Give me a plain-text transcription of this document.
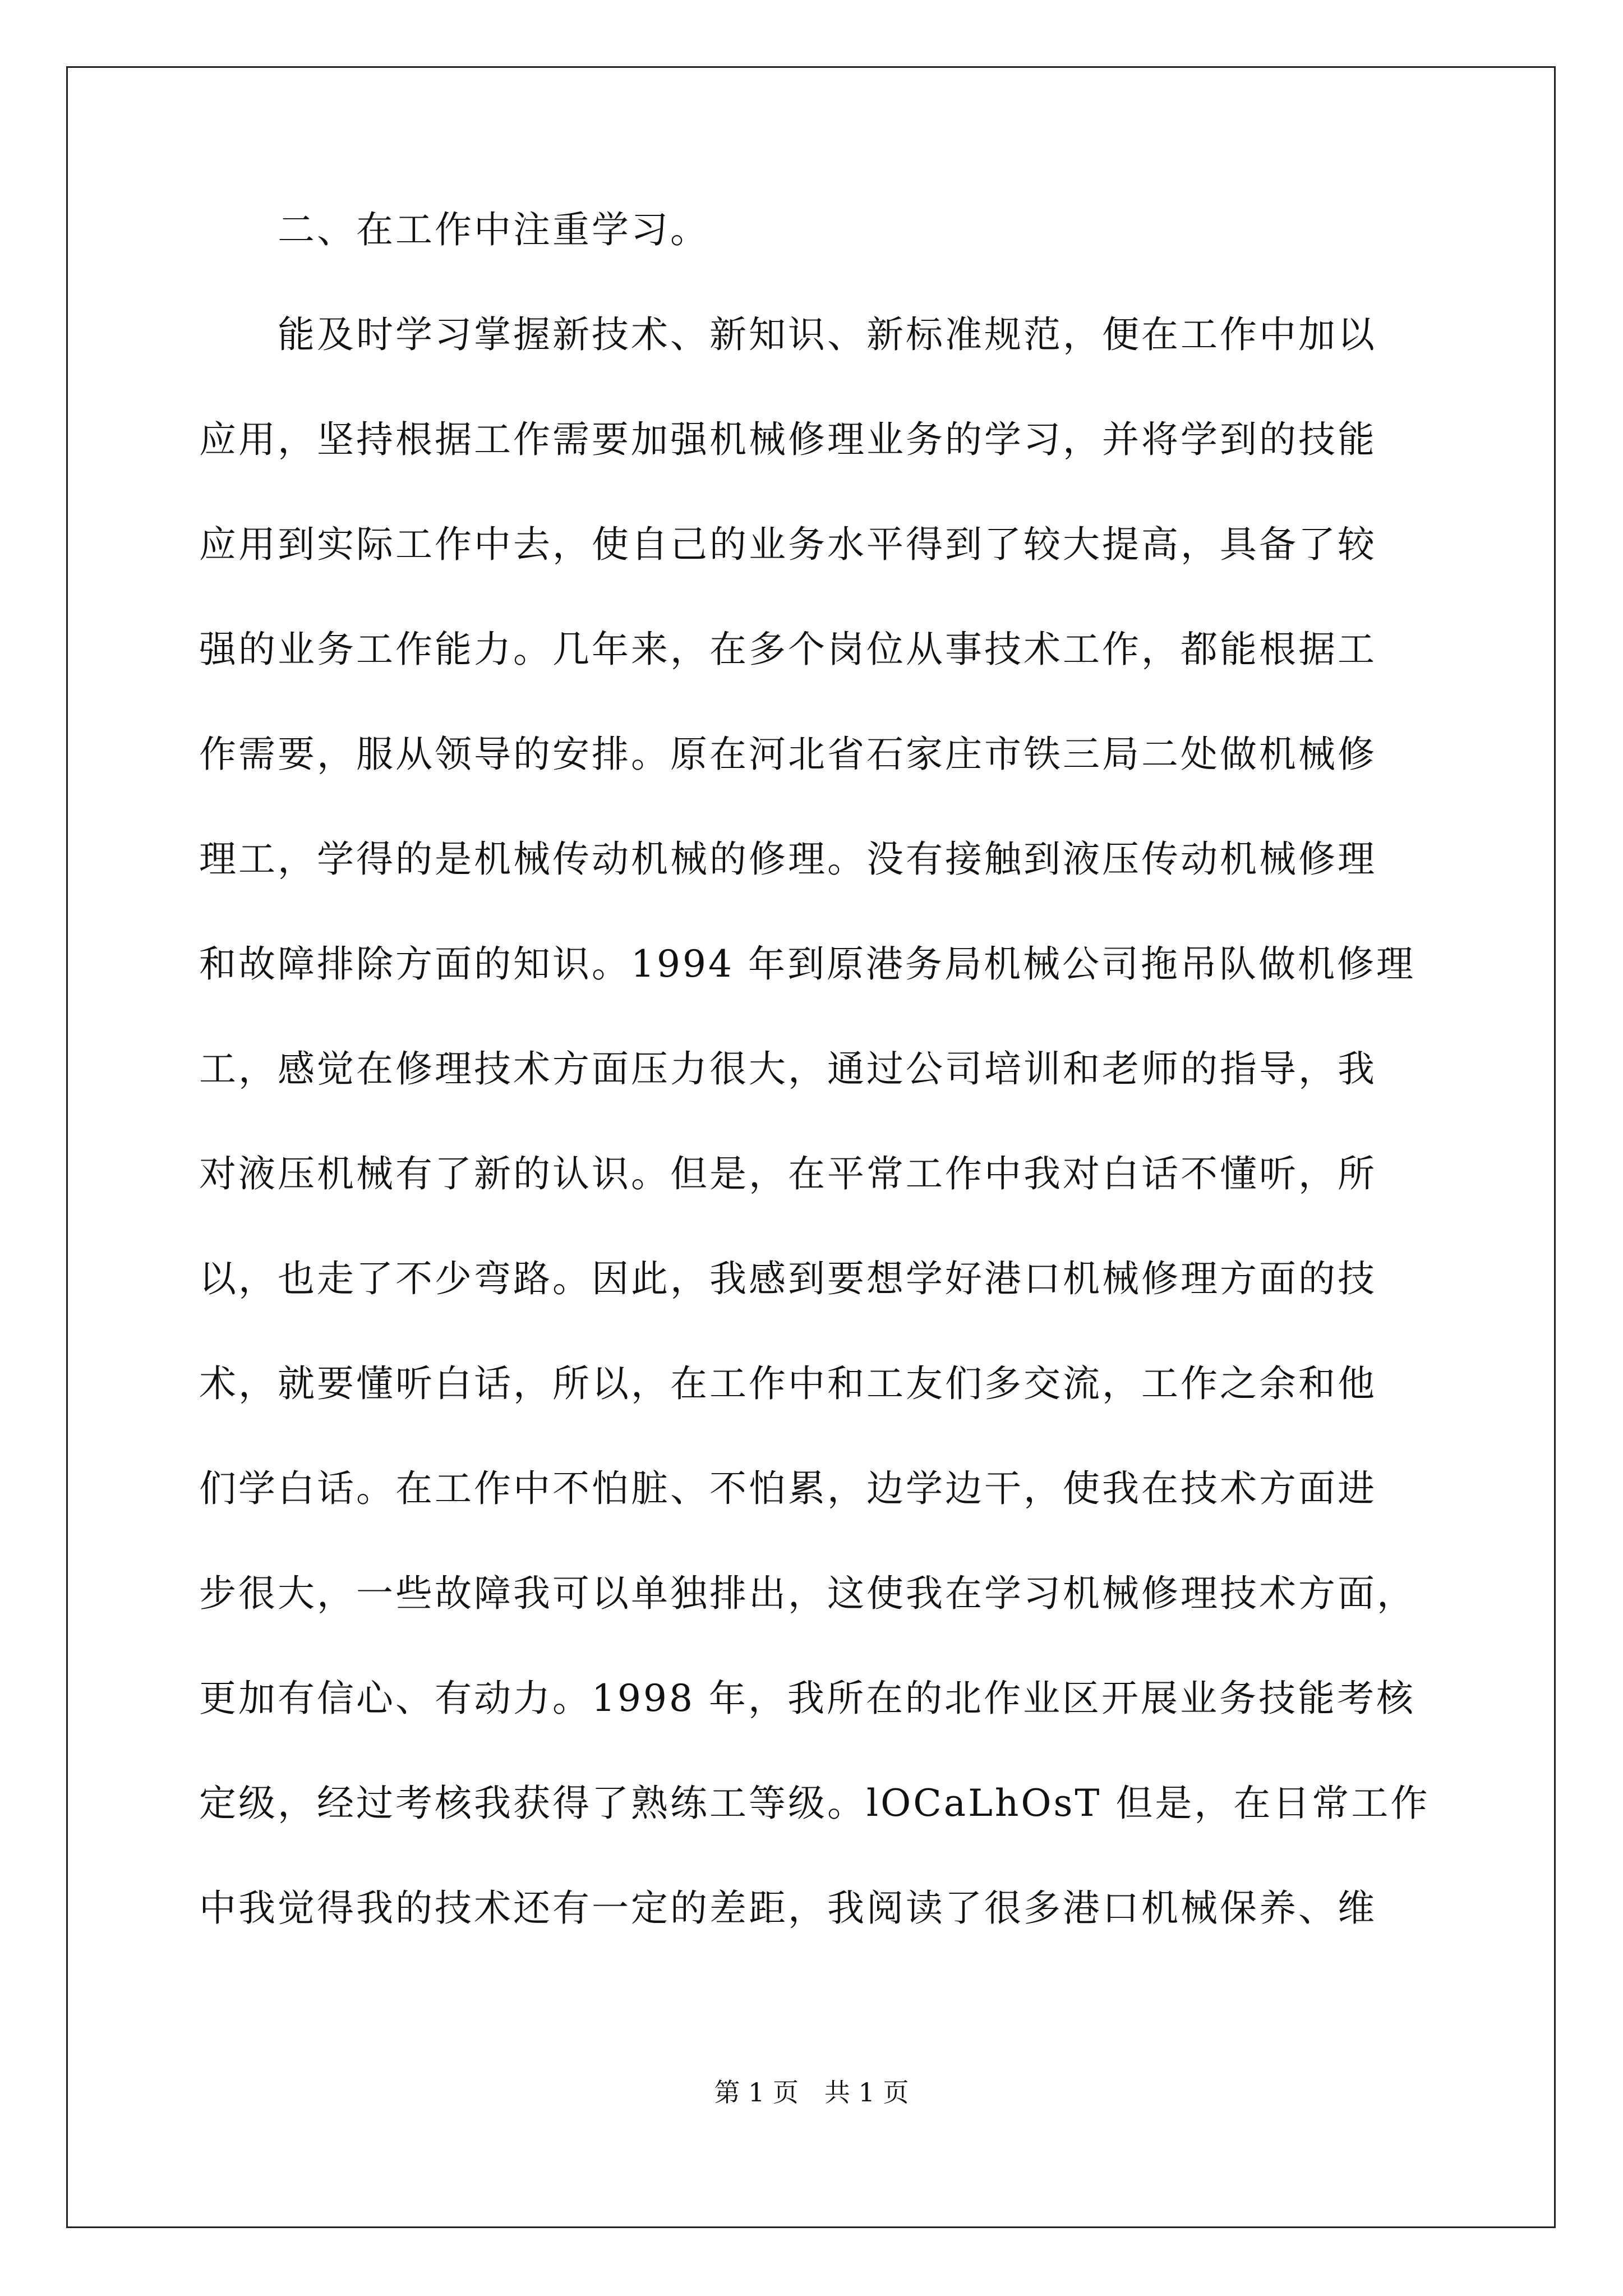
二、在工作中注重学习。
能及时学习掌握新技术、新知识、新标准规范，便在工作中加以
应用，坚持根据工作需要加强机械修理业务的学习，并将学到的技能
应用到实际工作中去，使自己的业务水平得到了较大提高，具备了较
强的业务工作能力。几年来，在多个岗位从事技术工作，都能根据工
作需要，服从领导的安排。原在河北省石家庄市铁三局二处做机械修
理工，学得的是机械传动机械的修理。没有接触到液压传动机械修理
和故障排除方面的知识。1994 年到原港务局机械公司拖吊队做机修理
工，感觉在修理技术方面压力很大，通过公司培训和老师的指导，我
对液压机械有了新的认识。但是，在平常工作中我对白话不懂听，所
以，也走了不少弯路。因此，我感到要想学好港口机械修理方面的技
术，就要懂听白话，所以，在工作中和工友们多交流，工作之余和他
们学白话。在工作中不怕脏、不怕累，边学边干，使我在技术方面进
步很大，一些故障我可以单独排出，这使我在学习机械修理技术方面，
更加有信心、有动力。1998 年，我所在的北作业区开展业务技能考核
定级，经过考核我获得了熟练工等级。lOCaLhOsT 但是，在日常工作
中我觉得我的技术还有一定的差距，我阅读了很多港口机械保养、维
第 1 页　共 1 页
